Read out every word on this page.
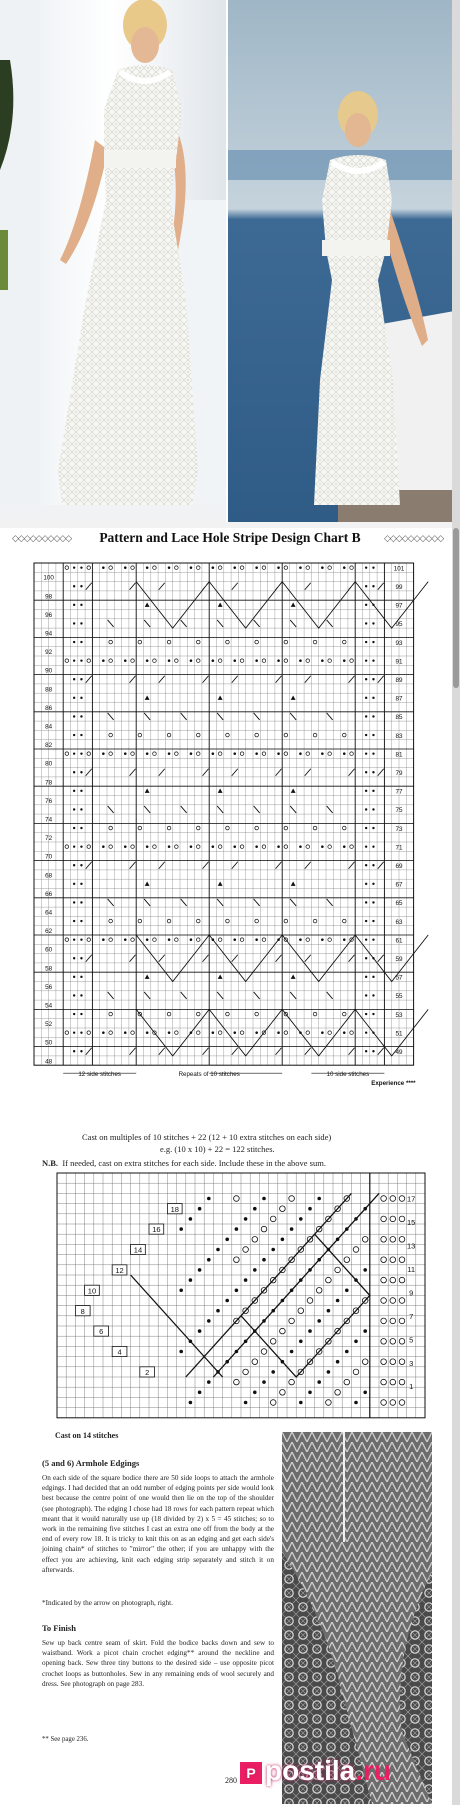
◇◇◇◇◇◇◇◇◇◇	Pattern and Lace Hole Stripe Design Chart B	◇◇◇◇◇◇◇◇◇◇
100
98
96
94
92
90
88
86
84
82
80
78
76
74
72
70
68
66
64
62
60
58
56
54
52
50
48
101
99
97
95
93
91
89
87
85
83
81
79
77
75
73
71
69
67
65
63
61
59
57
55
53
51
49
12 side stitches	Repeats of 10 stitches	10 side stitches
Experience ****
Cast on multiples of 10 stitches + 22 (12 + 10 extra stitches on each side)
e.g. (10 x 10) + 22 = 122 stitches.
N.B. If needed, cast on extra stitches for each side. Include these in the above sum.
18
16
14
12
10
8
6
4
2
17
15
13
11
9
7
5
3
1
Cast on 14 stitches
(5 and 6) Armhole Edgings
On each side of the square bodice there are 50 side loops to attach the armhole edgings. I had decided that an odd number of edging points per side would look best because the centre point of one would then lie on the top of the shoulder (see photograph). The edging I chose had 18 rows for each pattern repeat which meant that it would naturally use up (18 divided by 2) x 5 = 45 stitches; so to work in the remaining five stitches I cast an extra one off from the body at the end of every row 18. It is tricky to knit this on as an edging and get each side's joining chain* of stitches to "mirror" the other; if you are unhappy with the effect you are achieving, knit each edging strip separately and stitch it on afterwards.
*Indicated by the arrow on photograph, right.
To Finish
Sew up back centre seam of skirt. Fold the bodice backs down and sew to waistband. Work a picot chain crochet edging** around the neckline and opening back. Sew three tiny buttons to the desired side – use opposite picot crochet loops as buttonholes. Sew in any remaining ends of wool securely and dress. See photograph on page 283.
** See page 236.
280 P postila.ru
